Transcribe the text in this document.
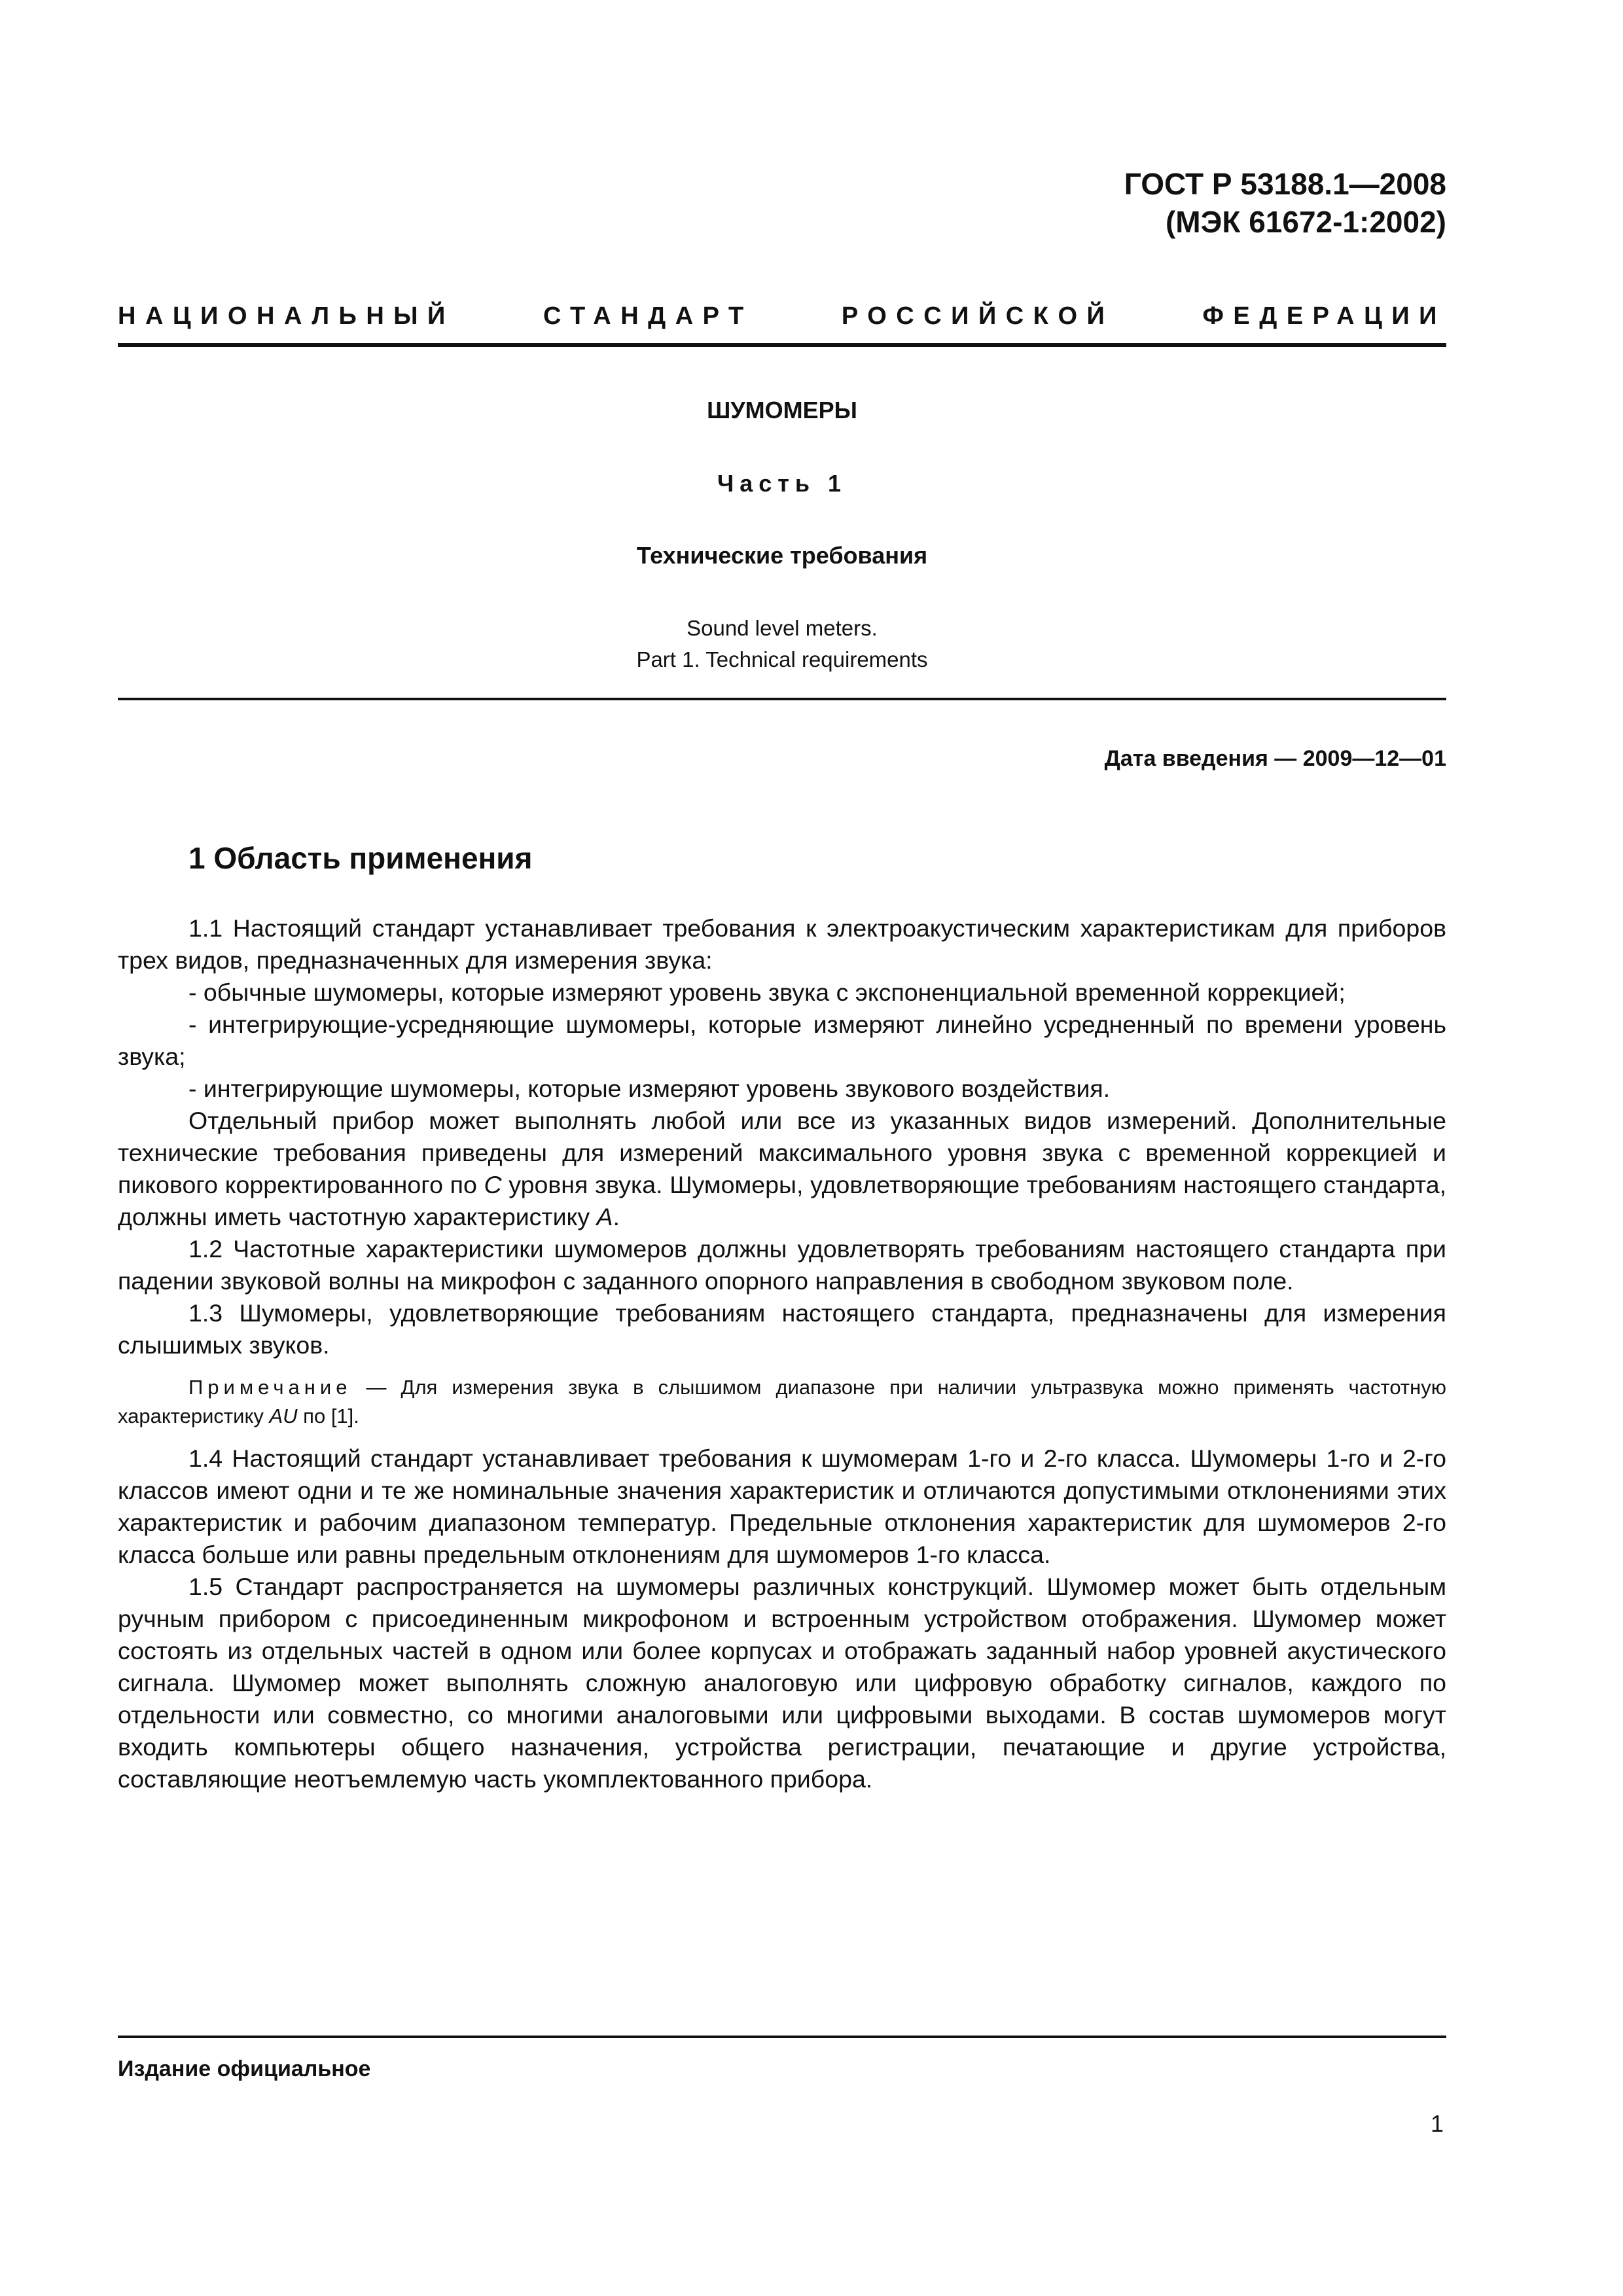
ГОСТ Р 53188.1—2008
(МЭК 61672-1:2002)
НАЦИОНАЛЬНЫЙ	СТАНДАРТ	РОССИЙСКОЙ	ФЕДЕРАЦИИ
ШУМОМЕРЫ
Часть 1
Технические требования
Sound level meters.
Part 1. Technical requirements
Дата введения — 2009—12—01
1 Область применения

1.1 Настоящий стандарт устанавливает требования к электроакустическим характеристикам для приборов трех видов, предназначенных для измерения звука:

- обычные шумомеры, которые измеряют уровень звука с экспоненциальной временной коррекцией;

- интегрирующие-усредняющие шумомеры, которые измеряют линейно усредненный по времени уровень звука;

- интегрирующие шумомеры, которые измеряют уровень звукового воздействия.

Отдельный прибор может выполнять любой или все из указанных видов измерений. Дополнительные технические требования приведены для измерений максимального уровня звука с временной коррекцией и пикового корректированного по C уровня звука. Шумомеры, удовлетворяющие требованиям настоящего стандарта, должны иметь частотную характеристику A.

1.2 Частотные характеристики шумомеров должны удовлетворять требованиям настоящего стандарта при падении звуковой волны на микрофон с заданного опорного направления в свободном звуковом поле.

1.3 Шумомеры, удовлетворяющие требованиям настоящего стандарта, предназначены для измерения слышимых звуков.

Примечание — Для измерения звука в слышимом диапазоне при наличии ультразвука можно применять частотную характеристику AU по [1].

1.4 Настоящий стандарт устанавливает требования к шумомерам 1-го и 2-го класса. Шумомеры 1-го и 2-го классов имеют одни и те же номинальные значения характеристик и отличаются допустимыми отклонениями этих характеристик и рабочим диапазоном температур. Предельные отклонения характеристик для шумомеров 2-го класса больше или равны предельным отклонениям для шумомеров 1-го класса.

1.5 Стандарт распространяется на шумомеры различных конструкций. Шумомер может быть отдельным ручным прибором с присоединенным микрофоном и встроенным устройством отображения. Шумомер может состоять из отдельных частей в одном или более корпусах и отображать заданный набор уровней акустического сигнала. Шумомер может выполнять сложную аналоговую или цифровую обработку сигналов, каждого по отдельности или совместно, со многими аналоговыми или цифровыми выходами. В состав шумомеров могут входить компьютеры общего назначения, устройства регистрации, печатающие и другие устройства, составляющие неотъемлемую часть укомплектованного прибора.

Издание официальное
1
